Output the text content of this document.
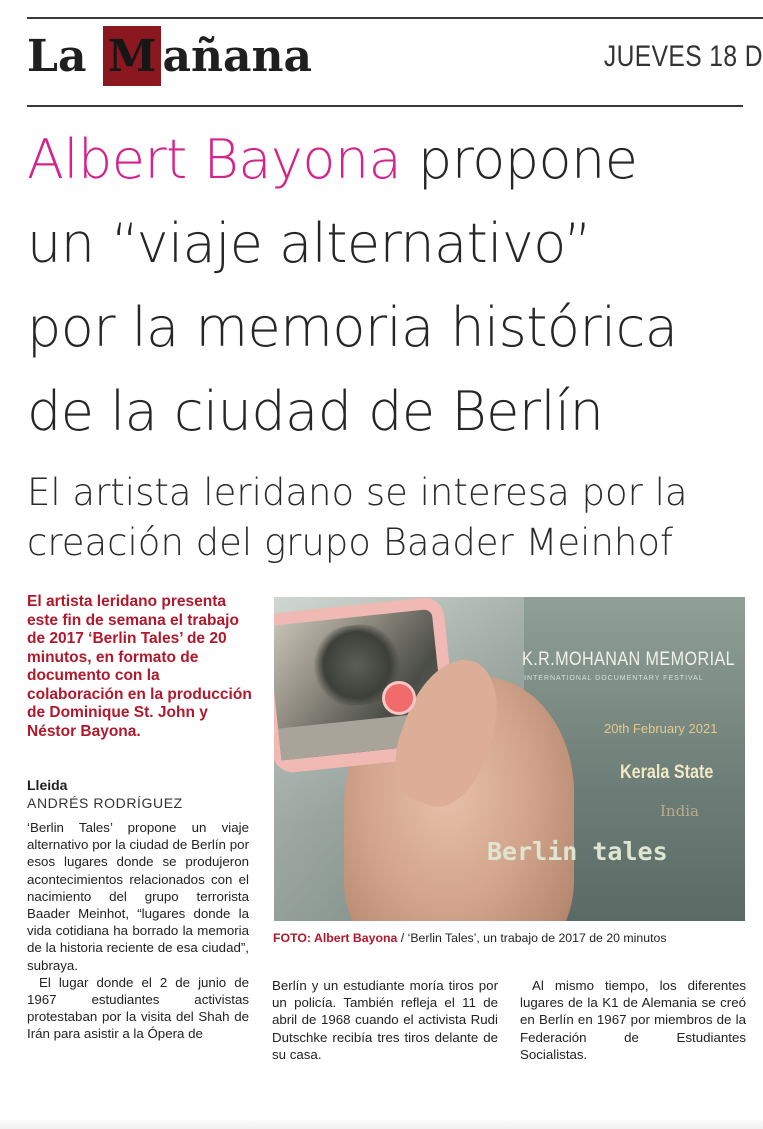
La M añana	JUEVES 18 D
Albert Bayona propone
un “viaje alternativo”
por la memoria histórica
de la ciudad de Berlín
El artista leridano se interesa por la
creación del grupo Baader Meinhof

El artista leridano presenta este fin de semana el trabajo de 2017 ‘Berlin Tales’ de 20 minutos, en formato de documento con la colaboración en la producción de Dominique St. John y Néstor Bayona.

Lleida
ANDRÉS RODRÍGUEZ
‘Berlin Tales’ propone un viaje alternativo por la ciudad de Berlín por esos lugares donde se produjeron acontecimientos relacionados con el nacimiento del grupo terrorista Baader Meinhot, “lugares donde la vida cotidiana ha borrado la memoria de la historia reciente de esa ciudad”, subraya.
El lugar donde el 2 de junio de 1967 estudiantes activistas protestaban por la visita del Shah de Irán para asistir a la Ópera de
K.R.MOHANAN MEMORIAL
INTERNATIONAL DOCUMENTARY FESTIVAL
20th February 2021
Kerala State
India
Berlin tales
FOTO: Albert Bayona / ‘Berlin Tales’, un trabajo de 2017 de 20 minutos
Berlín y un estudiante moría tiros por un policía. También refleja el 11 de abril de 1968 cuando el activista Rudi Dutschke recibía tres tiros delante de su casa.
Al mismo tiempo, los diferentes lugares de la K1 de Alemania se creó en Berlín en 1967 por miembros de la Federación de Estudiantes Socialistas.
